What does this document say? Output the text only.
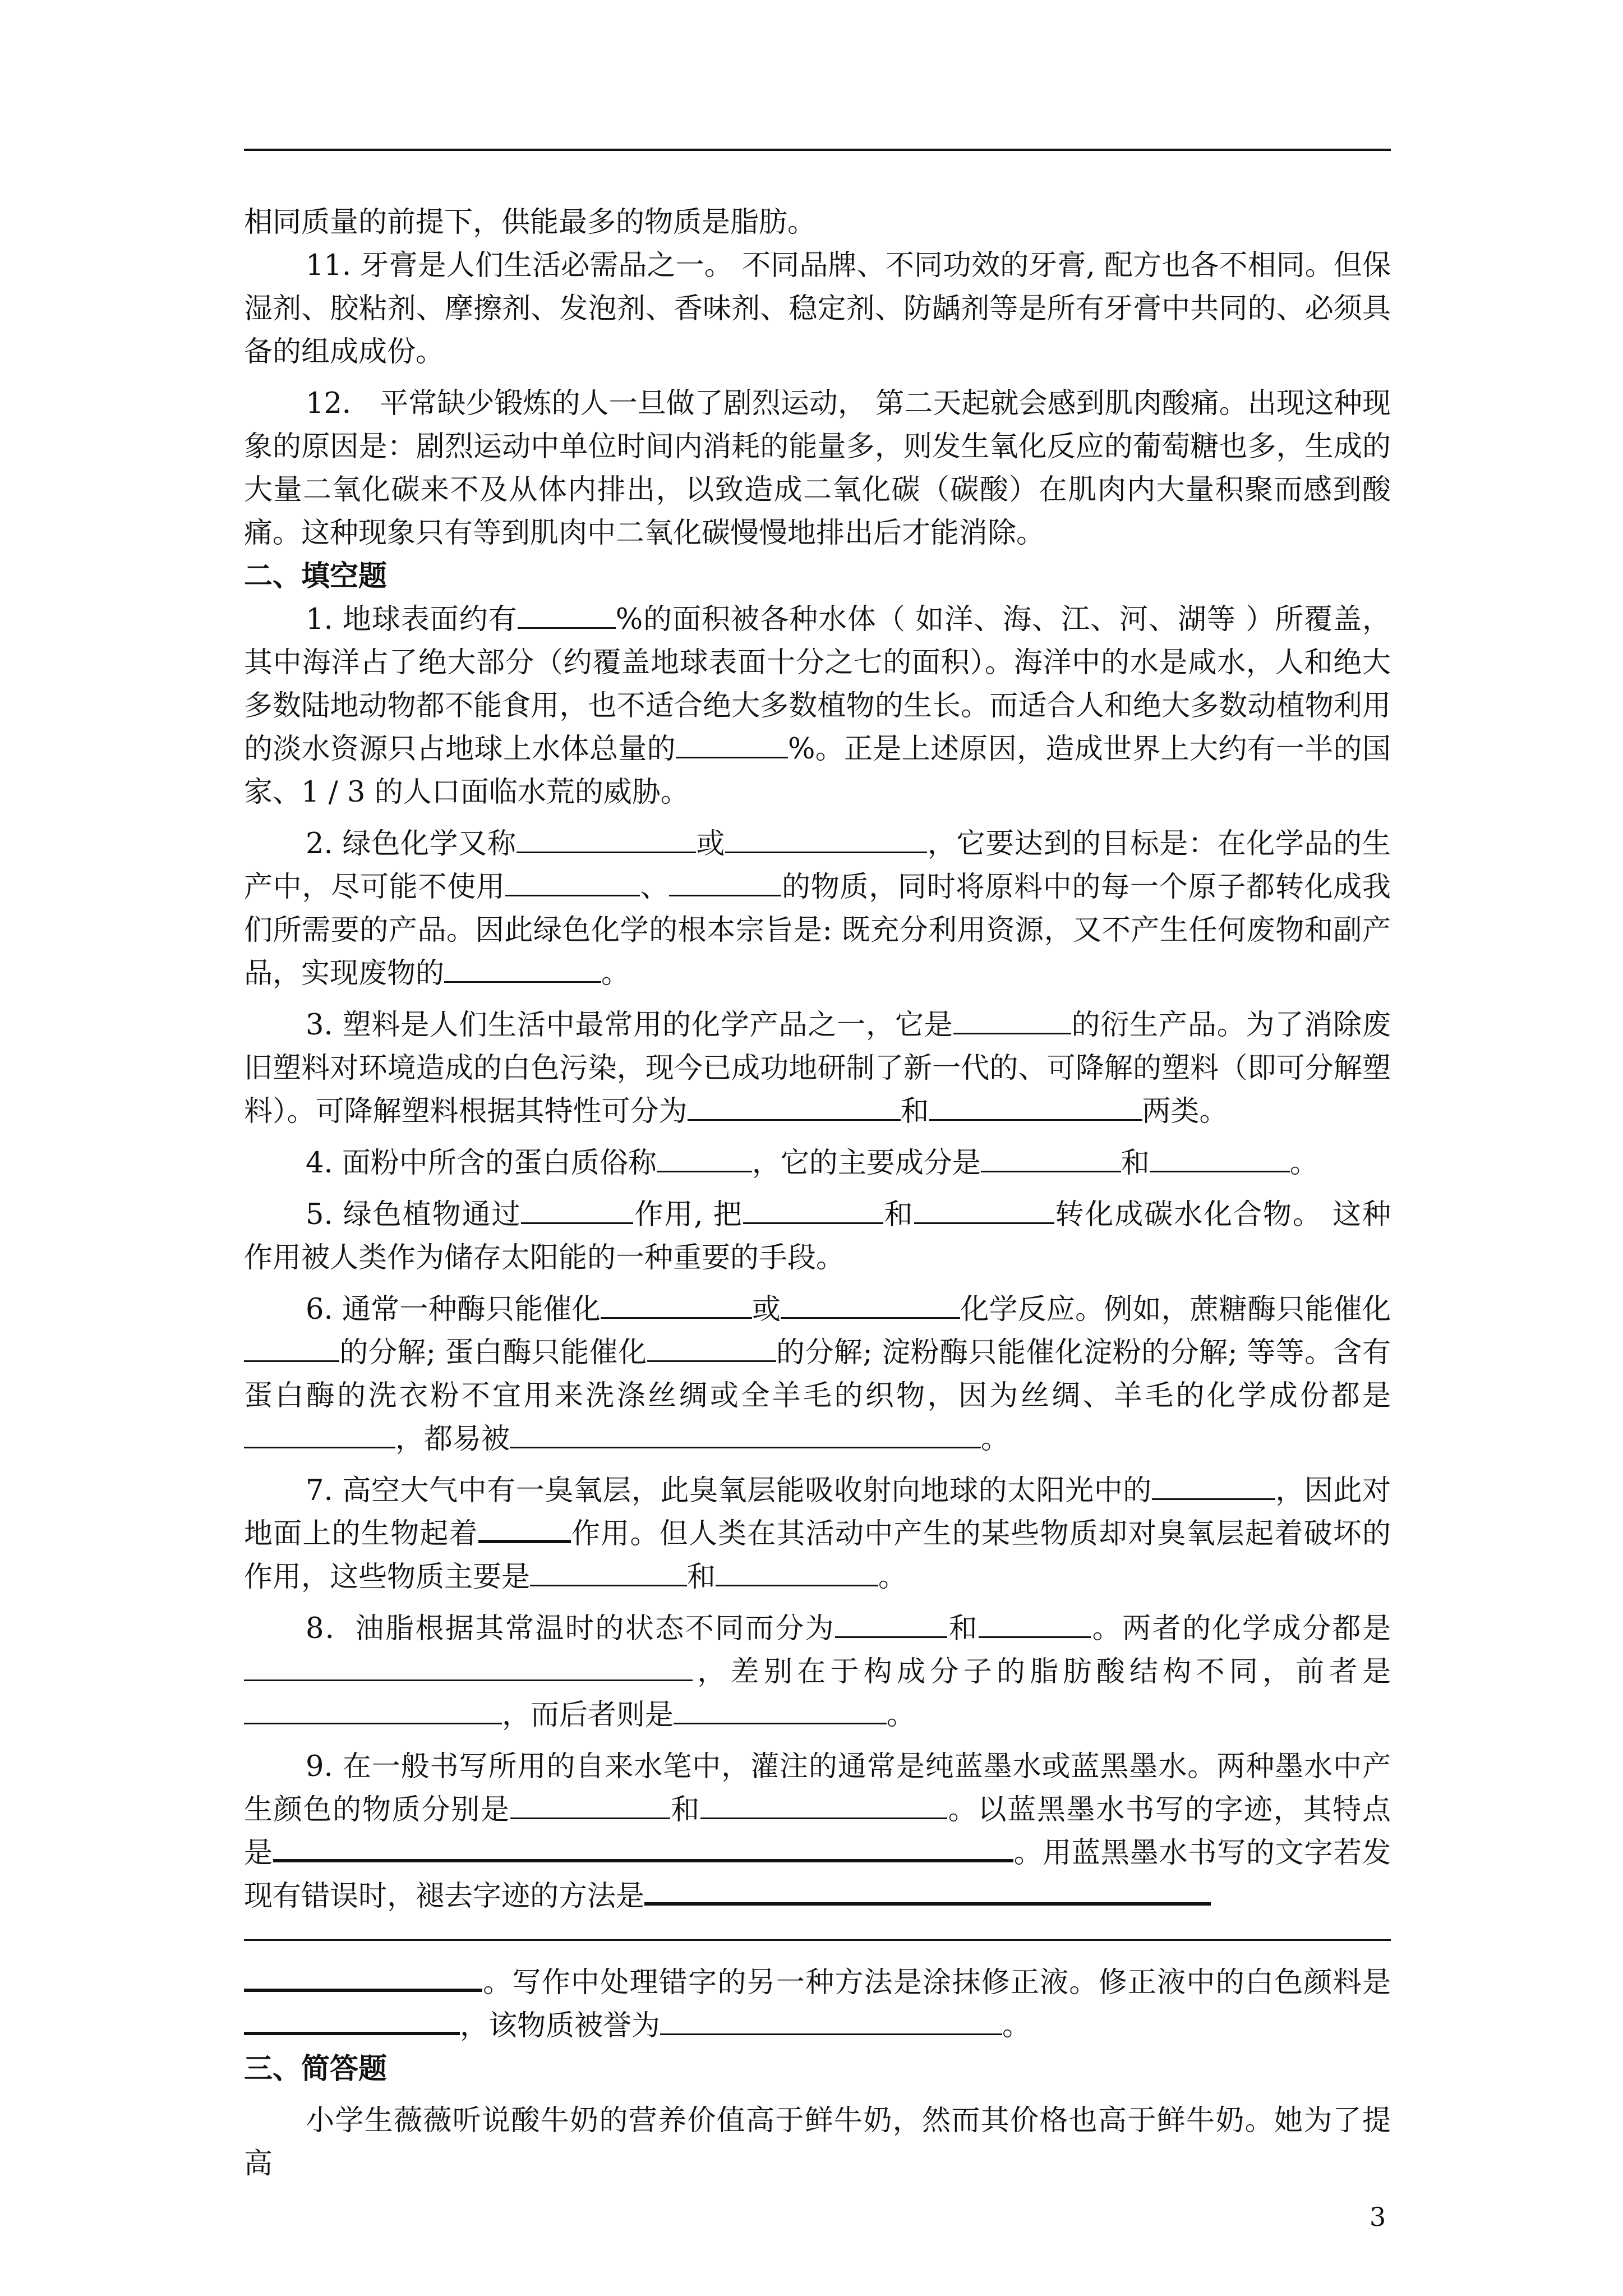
相同质量的前提下，供能最多的物质是脂肪。

11. 牙膏是人们生活必需品之一。 不同品牌、不同功效的牙膏, 配方也各不相同。但保湿剂、胶粘剂、摩擦剂、发泡剂、香味剂、稳定剂、防龋剂等是所有牙膏中共同的、必须具备的组成成份。

12． 平常缺少锻炼的人一旦做了剧烈运动， 第二天起就会感到肌肉酸痛。出现这种现象的原因是：剧烈运动中单位时间内消耗的能量多，则发生氧化反应的葡萄糖也多，生成的大量二氧化碳来不及从体内排出，以致造成二氧化碳（碳酸）在肌肉内大量积聚而感到酸痛。这种现象只有等到肌肉中二氧化碳慢慢地排出后才能消除。

二、填空题

1. 地球表面约有	%的面积被各种水体（ 如洋、海、江、河、湖等 ）所覆盖，其中海洋占了绝大部分（约覆盖地球表面十分之七的面积）。海洋中的水是咸水，人和绝大多数陆地动物都不能食用，也不适合绝大多数植物的生长。而适合人和绝大多数动植物利用的淡水资源只占地球上水体总量的	%。正是上述原因，造成世界上大约有一半的国家、1 / 3 的人口面临水荒的威胁。

2. 绿色化学又称	或	，它要达到的目标是：在化学品的生产中，尽可能不使用	、	的物质，同时将原料中的每一个原子都转化成我们所需要的产品。因此绿色化学的根本宗旨是: 既充分利用资源，又不产生任何废物和副产品，实现废物的	。

3. 塑料是人们生活中最常用的化学产品之一，它是	的衍生产品。为了消除废旧塑料对环境造成的白色污染，现今已成功地研制了新一代的、可降解的塑料（即可分解塑料）。可降解塑料根据其特性可分为	和	两类。

4. 面粉中所含的蛋白质俗称	，它的主要成分是	和	。

5. 绿色植物通过	作用, 把	和	转化成碳水化合物。 这种作用被人类作为储存太阳能的一种重要的手段。

6. 通常一种酶只能催化	或	化学反应。例如，蔗糖酶只能催化的分解; 蛋白酶只能催化	的分解; 淀粉酶只能催化淀粉的分解; 等等。含有蛋白酶的洗衣粉不宜用来洗涤丝绸或全羊毛的织物，因为丝绸、羊毛的化学成份都是，都易被	。

7. 高空大气中有一臭氧层，此臭氧层能吸收射向地球的太阳光中的	，因此对地面上的生物起着	作用。但人类在其活动中产生的某些物质却对臭氧层起着破坏的作用，这些物质主要是	和	。

8．油脂根据其常温时的状态不同而分为	和	。两者的化学成分都是，差别在于构成分子的脂肪酸结构不同，前者是，而后者则是	。

9. 在一般书写所用的自来水笔中，灌注的通常是纯蓝墨水或蓝黑墨水。两种墨水中产生颜色的物质分别是	和	。以蓝黑墨水书写的字迹，其特点是	。用蓝黑墨水书写的文字若发现有错误时，褪去字迹的方法是

。写作中处理错字的另一种方法是涂抹修正液。修正液中的白色颜料是，该物质被誉为	。

三、简答题

小学生薇薇听说酸牛奶的营养价值高于鲜牛奶，然而其价格也高于鲜牛奶。她为了提高

3
